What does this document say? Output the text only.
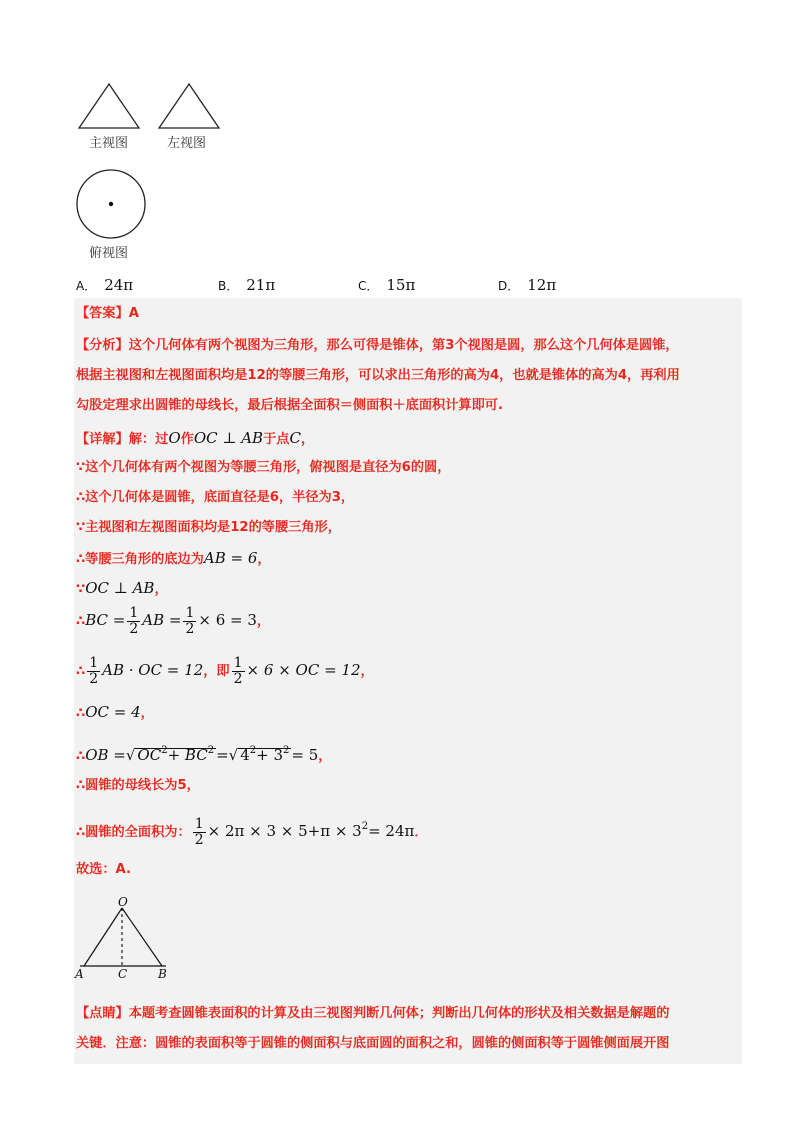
主视图	左视图
俯视图
A． 24π	B． 21π	C． 15π	D． 12π
【答案】A
【分析】这个几何体有两个视图为三角形，那么可得是锥体，第3个视图是圆，那么这个几何体是圆锥，
根据主视图和左视图面积均是12的等腰三角形，可以求出三角形的高为4，也就是锥体的高为4，再利用
勾股定理求出圆锥的母线长，最后根据全面积＝侧面积＋底面积计算即可.
【详解】解：过O作OC ⊥ AB于点C，
∵这个几何体有两个视图为等腰三角形，俯视图是直径为6的圆，
∴这个几何体是圆锥，底面直径是6，半径为3，
∵主视图和左视图面积均是12的等腰三角形，
∴等腰三角形的底边为AB = 6，
∵OC ⊥ AB，
∴BC = $\frac{1}{2}$ AB = $\frac{1}{2} \times 6 = 3$，
∴ $\frac{1}{2}$ AB · OC = 12，即 $\frac{1}{2} \times 6$ × OC = 12，
∴OC = 4，
∴OB =√ $OC^2+ BC^2$ =√ $4^2+ 3^2 = 5$，
∴圆锥的母线长为5，
∴圆锥的全面积为： $\frac{1}{2} \times 2\pi \times 3 \times 5+\pi \times 3^2= 24\pi$．
故选：A.
O
A	C	B
【点睛】本题考查圆锥表面积的计算及由三视图判断几何体；判断出几何体的形状及相关数据是解题的
关键．注意：圆锥的表面积等于圆锥的侧面积与底面圆的面积之和，圆锥的侧面积等于圆锥侧面展开图
